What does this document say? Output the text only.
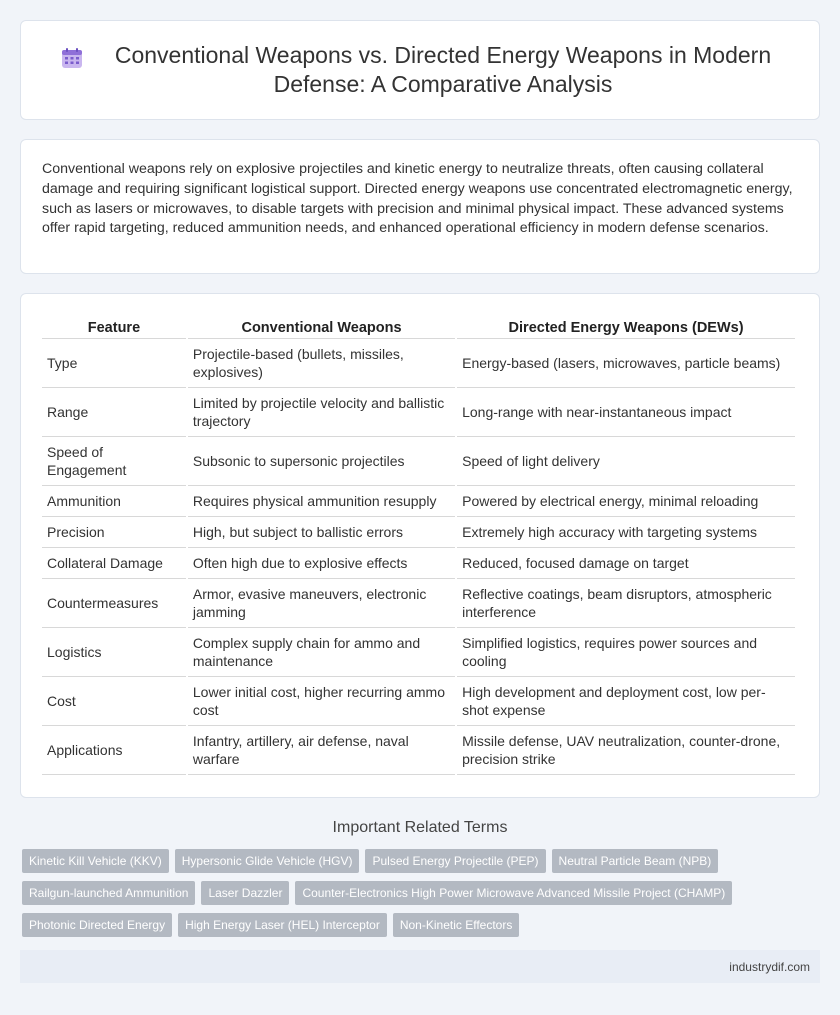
Conventional Weapons vs. Directed Energy Weapons in Modern Defense: A Comparative Analysis

Conventional weapons rely on explosive projectiles and kinetic energy to neutralize threats, often causing collateral damage and requiring significant logistical support. Directed energy weapons use concentrated electromagnetic energy, such as lasers or microwaves, to disable targets with precision and minimal physical impact. These advanced systems offer rapid targeting, reduced ammunition needs, and enhanced operational efficiency in modern defense scenarios.

Feature	Conventional Weapons	Directed Energy Weapons (DEWs)
Type	Projectile-based (bullets, missiles, explosives)	Energy-based (lasers, microwaves, particle beams)
Range	Limited by projectile velocity and ballistic trajectory	Long-range with near-instantaneous impact
Speed of Engagement	Subsonic to supersonic projectiles	Speed of light delivery
Ammunition	Requires physical ammunition resupply	Powered by electrical energy, minimal reloading
Precision	High, but subject to ballistic errors	Extremely high accuracy with targeting systems
Collateral Damage	Often high due to explosive effects	Reduced, focused damage on target
Countermeasures	Armor, evasive maneuvers, electronic jamming	Reflective coatings, beam disruptors, atmospheric interference
Logistics	Complex supply chain for ammo and maintenance	Simplified logistics, requires power sources and cooling
Cost	Lower initial cost, higher recurring ammo cost	High development and deployment cost, low per-shot expense
Applications	Infantry, artillery, air defense, naval warfare	Missile defense, UAV neutralization, counter-drone, precision strike
Important Related Terms
Kinetic Kill Vehicle (KKV)	Hypersonic Glide Vehicle (HGV)	Pulsed Energy Projectile (PEP)	Neutral Particle Beam (NPB)
Railgun-launched Ammunition	Laser Dazzler	Counter-Electronics High Power Microwave Advanced Missile Project (CHAMP)
Photonic Directed Energy	High Energy Laser (HEL) Interceptor	Non-Kinetic Effectors
industrydif.com
